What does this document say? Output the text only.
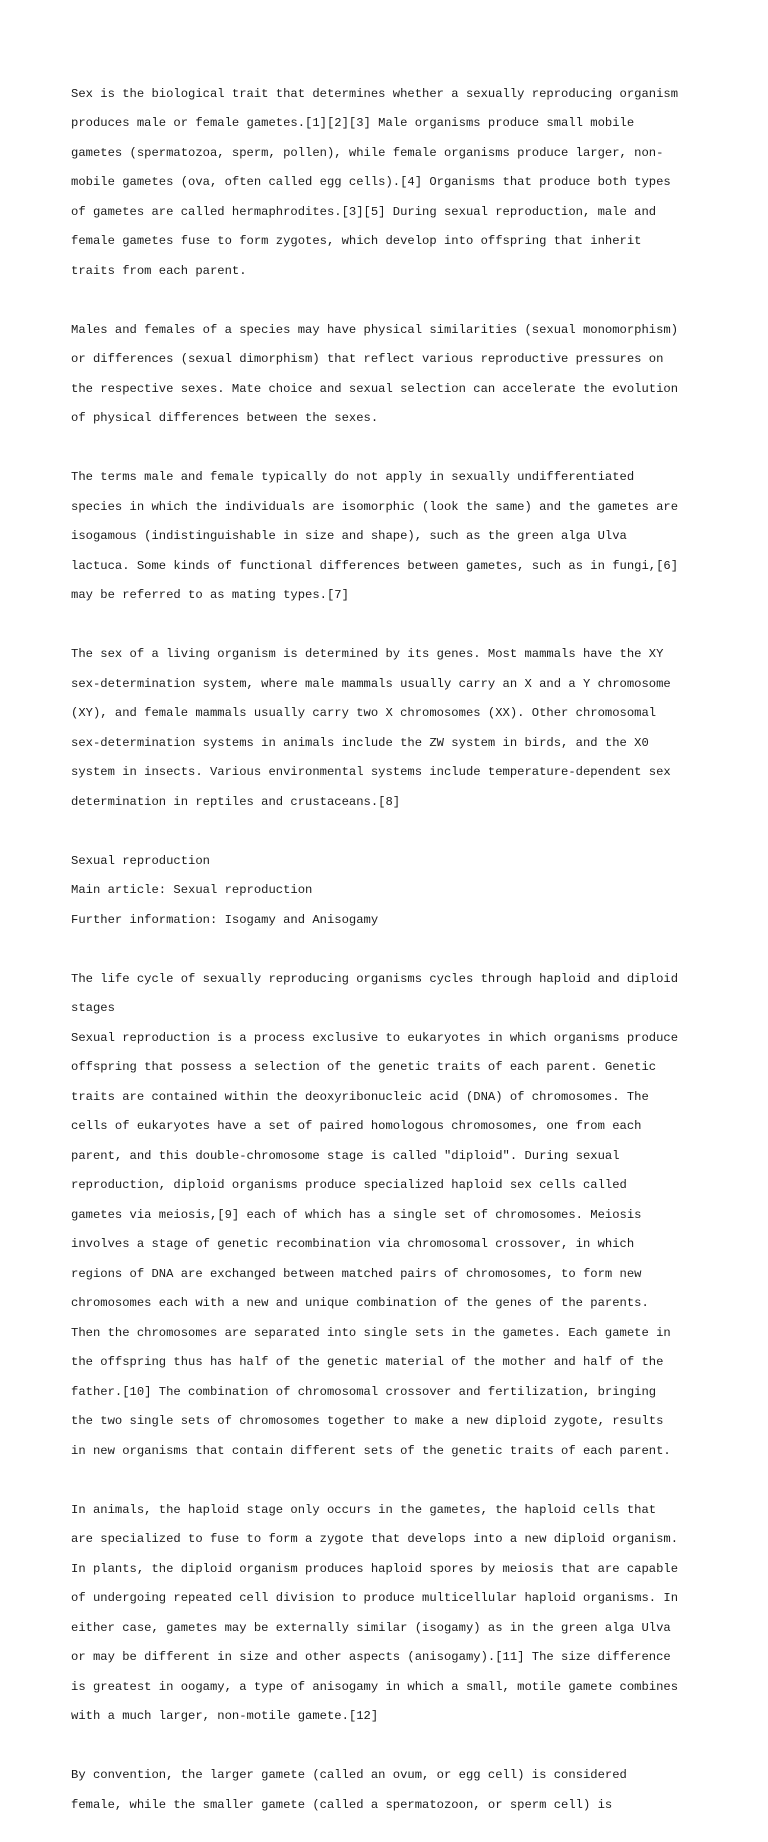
Sex is the biological trait that determines whether a sexually reproducing organism

produces male or female gametes.[1][2][3] Male organisms produce small mobile

gametes (spermatozoa, sperm, pollen), while female organisms produce larger, non-

mobile gametes (ova, often called egg cells).[4] Organisms that produce both types

of gametes are called hermaphrodites.[3][5] During sexual reproduction, male and

female gametes fuse to form zygotes, which develop into offspring that inherit

traits from each parent.

Males and females of a species may have physical similarities (sexual monomorphism)

or differences (sexual dimorphism) that reflect various reproductive pressures on

the respective sexes. Mate choice and sexual selection can accelerate the evolution

of physical differences between the sexes.

The terms male and female typically do not apply in sexually undifferentiated

species in which the individuals are isomorphic (look the same) and the gametes are

isogamous (indistinguishable in size and shape), such as the green alga Ulva

lactuca. Some kinds of functional differences between gametes, such as in fungi,[6]

may be referred to as mating types.[7]

The sex of a living organism is determined by its genes. Most mammals have the XY

sex-determination system, where male mammals usually carry an X and a Y chromosome

(XY), and female mammals usually carry two X chromosomes (XX). Other chromosomal

sex-determination systems in animals include the ZW system in birds, and the X0

system in insects. Various environmental systems include temperature-dependent sex

determination in reptiles and crustaceans.[8]

Sexual reproduction

Main article: Sexual reproduction

Further information: Isogamy and Anisogamy

The life cycle of sexually reproducing organisms cycles through haploid and diploid

stages

Sexual reproduction is a process exclusive to eukaryotes in which organisms produce

offspring that possess a selection of the genetic traits of each parent. Genetic

traits are contained within the deoxyribonucleic acid (DNA) of chromosomes. The

cells of eukaryotes have a set of paired homologous chromosomes, one from each

parent, and this double-chromosome stage is called "diploid". During sexual

reproduction, diploid organisms produce specialized haploid sex cells called

gametes via meiosis,[9] each of which has a single set of chromosomes. Meiosis

involves a stage of genetic recombination via chromosomal crossover, in which

regions of DNA are exchanged between matched pairs of chromosomes, to form new

chromosomes each with a new and unique combination of the genes of the parents.

Then the chromosomes are separated into single sets in the gametes. Each gamete in

the offspring thus has half of the genetic material of the mother and half of the

father.[10] The combination of chromosomal crossover and fertilization, bringing

the two single sets of chromosomes together to make a new diploid zygote, results

in new organisms that contain different sets of the genetic traits of each parent.

In animals, the haploid stage only occurs in the gametes, the haploid cells that

are specialized to fuse to form a zygote that develops into a new diploid organism.

In plants, the diploid organism produces haploid spores by meiosis that are capable

of undergoing repeated cell division to produce multicellular haploid organisms. In

either case, gametes may be externally similar (isogamy) as in the green alga Ulva

or may be different in size and other aspects (anisogamy).[11] The size difference

is greatest in oogamy, a type of anisogamy in which a small, motile gamete combines

with a much larger, non-motile gamete.[12]

By convention, the larger gamete (called an ovum, or egg cell) is considered

female, while the smaller gamete (called a spermatozoon, or sperm cell) is
